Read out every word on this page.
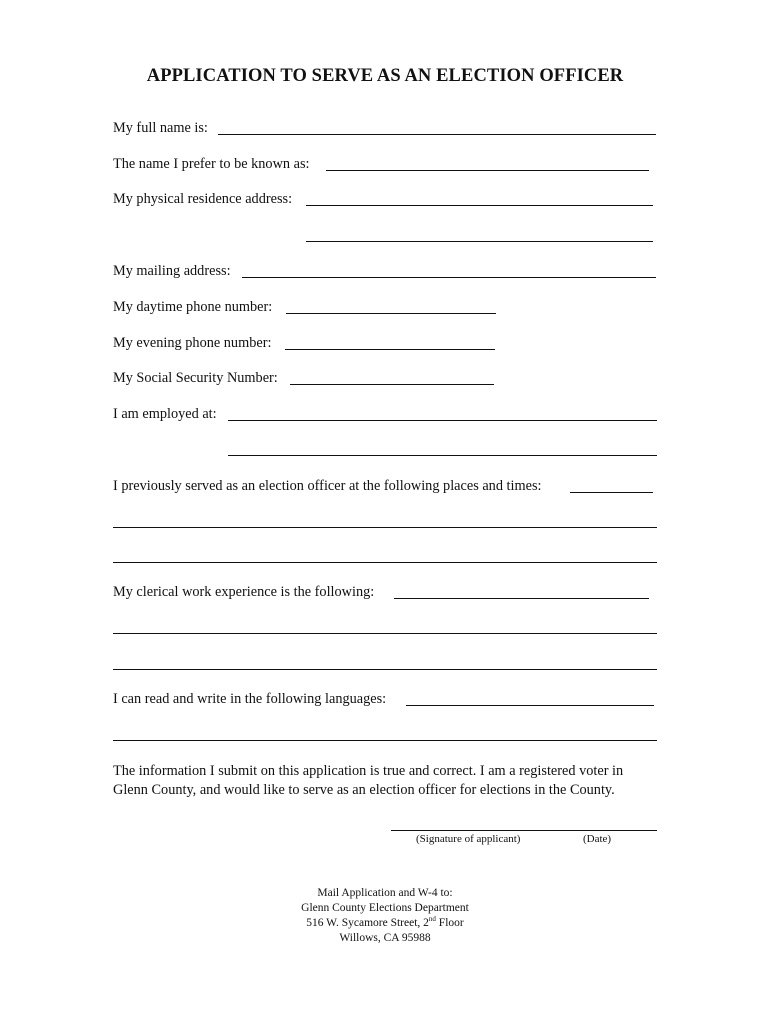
APPLICATION TO SERVE AS AN ELECTION OFFICER
My full name is:
The name I prefer to be known as:
My physical residence address:
My mailing address:
My daytime phone number:
My evening phone number:
My Social Security Number:
I am employed at:
I previously served as an election officer at the following places and times:
My clerical work experience is the following:
I can read and write in the following languages:
The information I submit on this application is true and correct. I am a registered voter in
Glenn County, and would like to serve as an election officer for elections in the County.
(Signature of applicant)	(Date)
Mail Application and W-4 to:
Glenn County Elections Department
516 W. Sycamore Street, 2nd Floor
Willows, CA 95988
